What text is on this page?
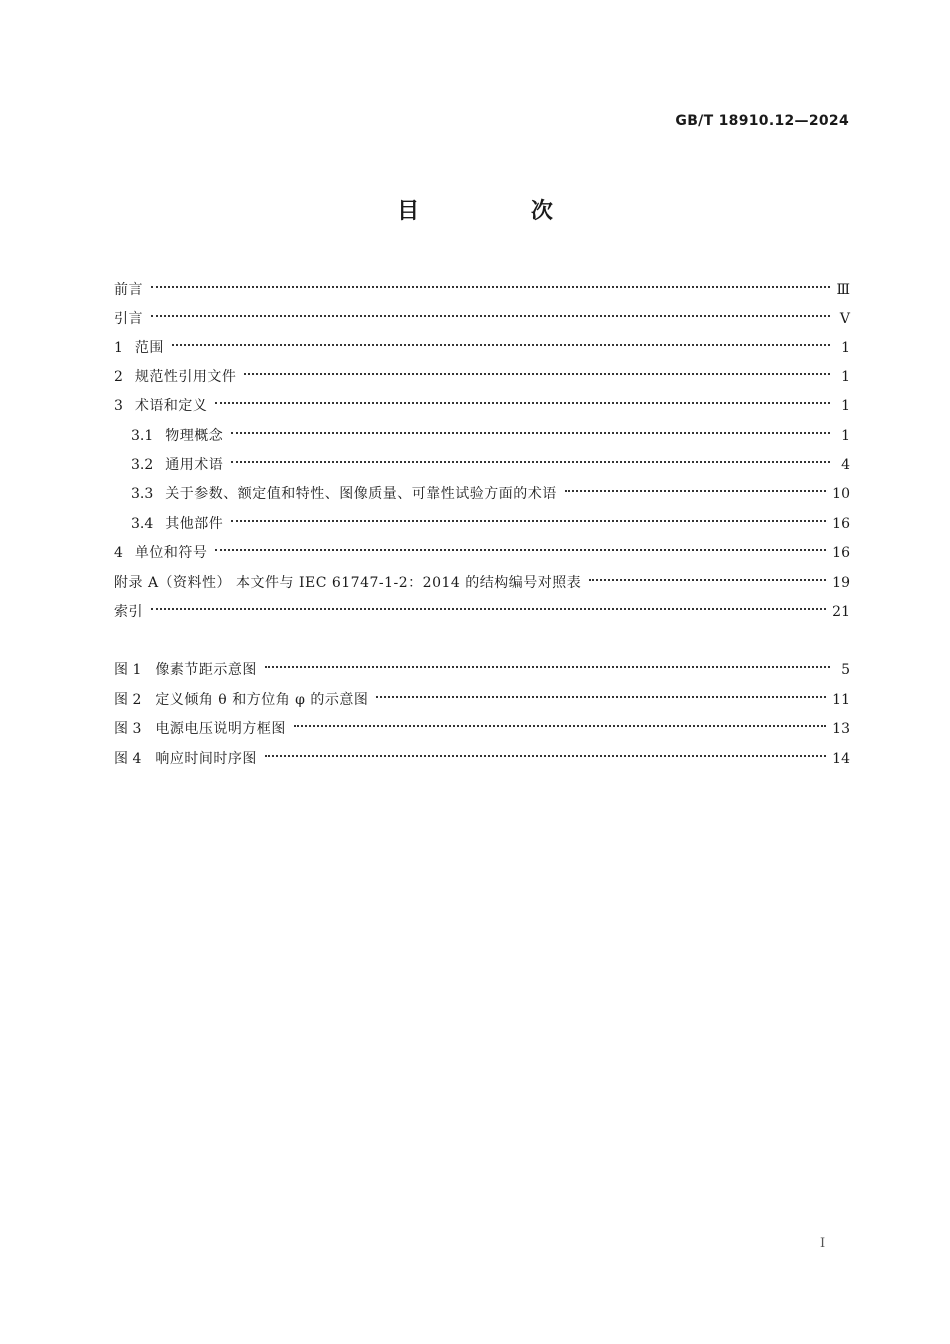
GB/T 18910.12—2024
目 次
前言	Ⅲ
引言	Ⅴ
1 范围	1
2 规范性引用文件	1
3 术语和定义	1
3.1 物理概念	1
3.2 通用术语	4
3.3 关于参数、额定值和特性、图像质量、可靠性试验方面的术语	10
3.4 其他部件	16
4 单位和符号	16
附录 A（资料性） 本文件与 IEC 61747-1-2：2014 的结构编号对照表	19
索引	21
图 1 像素节距示意图	5
图 2 定义倾角 θ 和方位角 φ 的示意图	11
图 3 电源电压说明方框图	13
图 4 响应时间时序图	14
I
